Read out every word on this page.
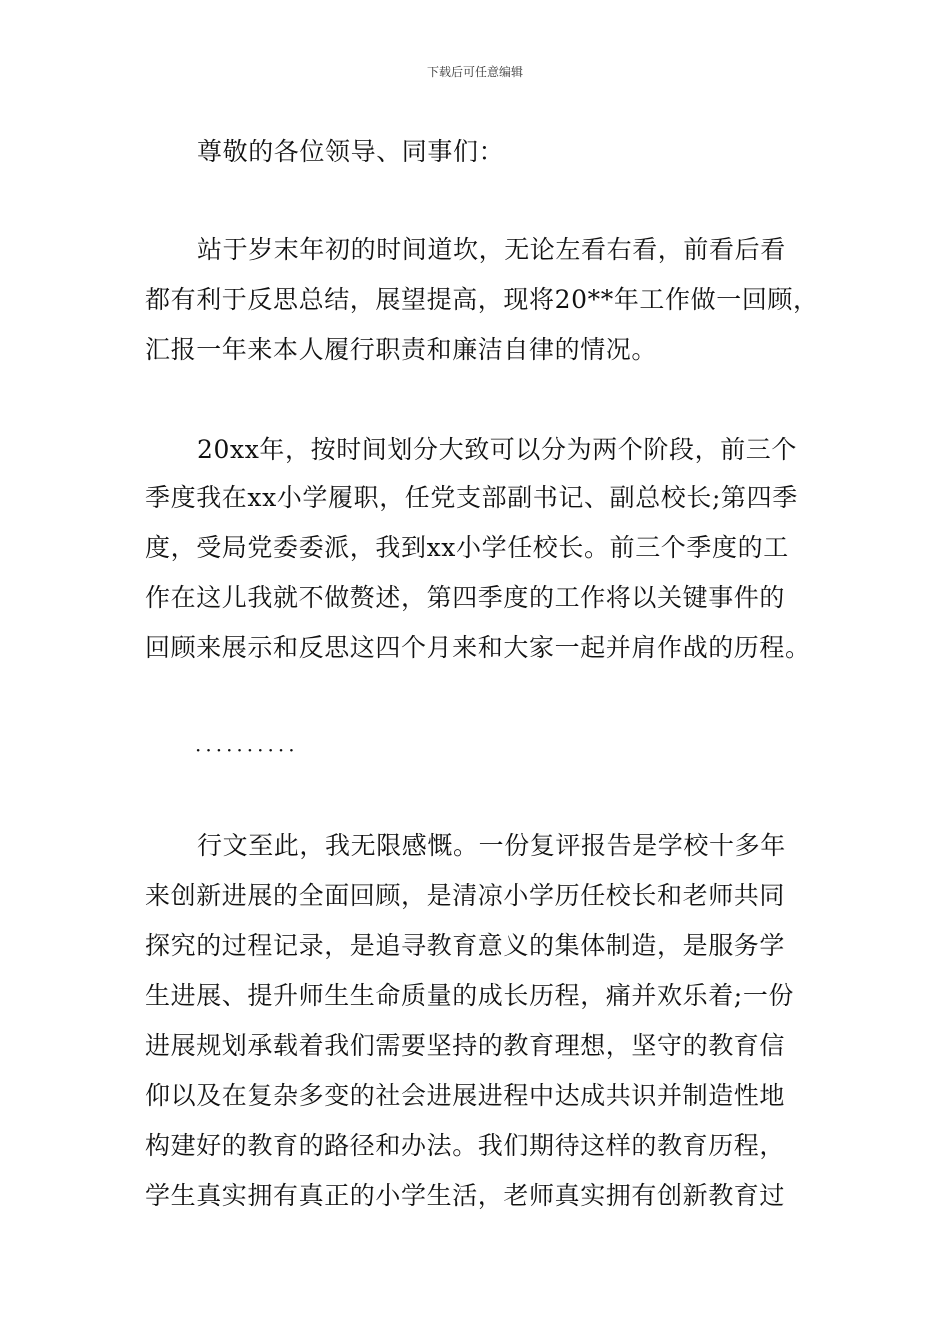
下载后可任意编辑
尊敬的各位领导、同事们：
站于岁末年初的时间道坎，无论左看右看，前看后看
都有利于反思总结，展望提高，现将20**年工作做一回顾，
汇报一年来本人履行职责和廉洁自律的情况。
20xx年，按时间划分大致可以分为两个阶段，前三个
季度我在xx小学履职，任党支部副书记、副总校长;第四季
度，受局党委委派，我到xx小学任校长。前三个季度的工
作在这儿我就不做赘述，第四季度的工作将以关键事件的
回顾来展示和反思这四个月来和大家一起并肩作战的历程。
··········
行文至此，我无限感慨。一份复评报告是学校十多年
来创新进展的全面回顾，是清凉小学历任校长和老师共同
探究的过程记录，是追寻教育意义的集体制造，是服务学
生进展、提升师生生命质量的成长历程，痛并欢乐着;一份
进展规划承载着我们需要坚持的教育理想，坚守的教育信
仰以及在复杂多变的社会进展进程中达成共识并制造性地
构建好的教育的路径和办法。我们期待这样的教育历程，
学生真实拥有真正的小学生活，老师真实拥有创新教育过
